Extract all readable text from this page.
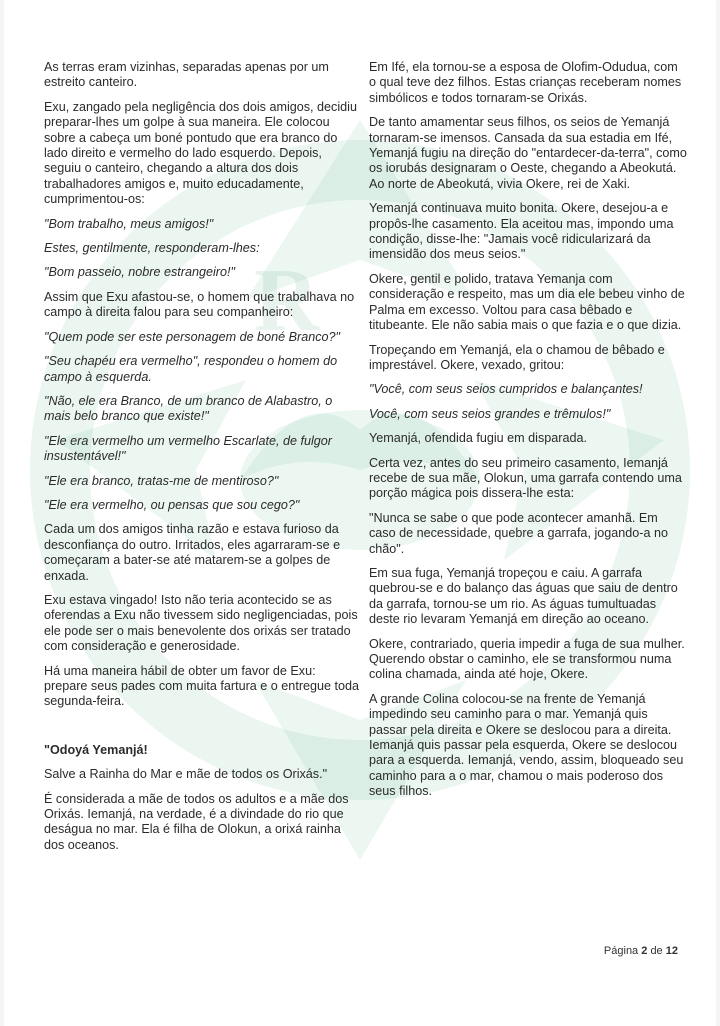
R

As terras eram vizinhas, separadas apenas por um estreito canteiro.

Exu, zangado pela negligência dos dois amigos, decidiu preparar-lhes um golpe à sua maneira. Ele colocou sobre a cabeça um boné pontudo que era branco do lado direito e vermelho do lado esquerdo. Depois, seguiu o canteiro, chegando a altura dos dois trabalhadores amigos e, muito educadamente, cumprimentou-os:

"Bom trabalho, meus amigos!"

Estes, gentilmente, responderam-lhes:

"Bom passeio, nobre estrangeiro!"

Assim que Exu afastou-se, o homem que trabalhava no campo à direita falou para seu companheiro:

"Quem pode ser este personagem de boné Branco?"

"Seu chapéu era vermelho", respondeu o homem do campo à esquerda.

"Não, ele era Branco, de um branco de Alabastro, o mais belo branco que existe!"

"Ele era vermelho um vermelho Escarlate, de fulgor insustentável!"

"Ele era branco, tratas-me de mentiroso?"

"Ele era vermelho, ou pensas que sou cego?"

Cada um dos amigos tinha razão e estava furioso da desconfiança do outro. Irritados, eles agarraram-se e começaram a bater-se até matarem-se a golpes de enxada.

Exu estava vingado! Isto não teria acontecido se as oferendas a Exu não tivessem sido negligenciadas, pois ele pode ser o mais benevolente dos orixás ser tratado com consideração e generosidade.

Há uma maneira hábil de obter um favor de Exu: prepare seus pades com muita fartura e o entregue toda segunda-feira.

"Odoyá Yemanjá!

Salve a Rainha do Mar e mãe de todos os Orixás."

É considerada a mãe de todos os adultos e a mãe dos Orixás. Iemanjá, na verdade, é a divindade do rio que deságua no mar. Ela é filha de Olokun, a orixá rainha dos oceanos.

Em Ifé, ela tornou-se a esposa de Olofim-Odudua, com o qual teve dez filhos. Estas crianças receberam nomes simbólicos e todos tornaram-se Orixás.

De tanto amamentar seus filhos, os seios de Yemanjá tornaram-se imensos. Cansada da sua estadia em Ifé, Yemanjá fugiu na direção do "entardecer-da-terra", como os iorubás designaram o Oeste, chegando a Abeokutá. Ao norte de Abeokutá, vivia Okere, rei de Xaki.

Yemanjá continuava muito bonita. Okere, desejou-a e propôs-lhe casamento. Ela aceitou mas, impondo uma condição, disse-lhe: "Jamais você ridicularizará da imensidão dos meus seios."

Okere, gentil e polido, tratava Yemanja com consideração e respeito, mas um dia ele bebeu vinho de Palma em excesso. Voltou para casa bêbado e titubeante. Ele não sabia mais o que fazia e o que dizia.

Tropeçando em Yemanjá, ela o chamou de bêbado e imprestável. Okere, vexado, gritou:

"Você, com seus seios cumpridos e balançantes!

Você, com seus seios grandes e trêmulos!"

Yemanjá, ofendida fugiu em disparada.

Certa vez, antes do seu primeiro casamento, Iemanjá recebe de sua mãe, Olokun, uma garrafa contendo uma porção mágica pois dissera-lhe esta:

"Nunca se sabe o que pode acontecer amanhã. Em caso de necessidade, quebre a garrafa, jogando-a no chão".

Em sua fuga, Yemanjá tropeçou e caiu. A garrafa quebrou-se e do balanço das águas que saiu de dentro da garrafa, tornou-se um rio. As águas tumultuadas deste rio levaram Yemanjá em direção ao oceano.

Okere, contrariado, queria impedir a fuga de sua mulher. Querendo obstar o caminho, ele se transformou numa colina chamada, ainda até hoje, Okere.

A grande Colina colocou-se na frente de Yemanjá impedindo seu caminho para o mar. Yemanjá quis passar pela direita e Okere se deslocou para a direita. Iemanjá quis passar pela esquerda, Okere se deslocou para a esquerda. Iemanjá, vendo, assim, bloqueado seu caminho para a o mar, chamou o mais poderoso dos seus filhos.

Página 2 de 12
